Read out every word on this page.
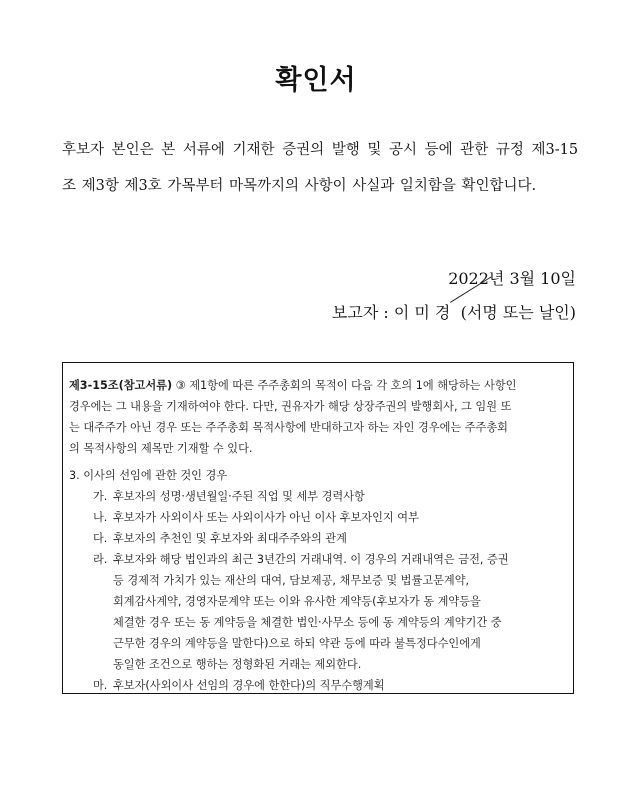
확인서
후보자 본인은 본 서류에 기재한 증권의 발행 및 공시 등에 관한 규정 제3-15
조 제3항 제3호 가목부터 마목까지의 사항이 사실과 일치함을 확인합니다.
2022년 3월 10일
보고자 : 이 미 경 (서명 또는 날인)
제3-15조(참고서류) ③ 제1항에 따른 주주총회의 목적이 다음 각 호의 1에 해당하는 사항인
경우에는 그 내용을 기재하여야 한다. 다만, 권유자가 해당 상장주권의 발행회사, 그 임원 또
는 대주주가 아닌 경우 또는 주주총회 목적사항에 반대하고자 하는 자인 경우에는 주주총회
의 목적사항의 제목만 기재할 수 있다.
3. 이사의 선임에 관한 것인 경우
가. 후보자의 성명·생년월일·주된 직업 및 세부 경력사항
나. 후보자가 사외이사 또는 사외이사가 아닌 이사 후보자인지 여부
다. 후보자의 추천인 및 후보자와 최대주주와의 관계
라. 후보자와 해당 법인과의 최근 3년간의 거래내역. 이 경우의 거래내역은 금전, 증권
등 경제적 가치가 있는 재산의 대여, 담보제공, 채무보증 및 법률고문계약,
회계감사계약, 경영자문계약 또는 이와 유사한 계약등(후보자가 동 계약등을
체결한 경우 또는 동 계약등을 체결한 법인·사무소 등에 동 계약등의 계약기간 중
근무한 경우의 계약등을 말한다)으로 하되 약관 등에 따라 불특정다수인에게
동일한 조건으로 행하는 정형화된 거래는 제외한다.
마. 후보자(사외이사 선임의 경우에 한한다)의 직무수행계획
